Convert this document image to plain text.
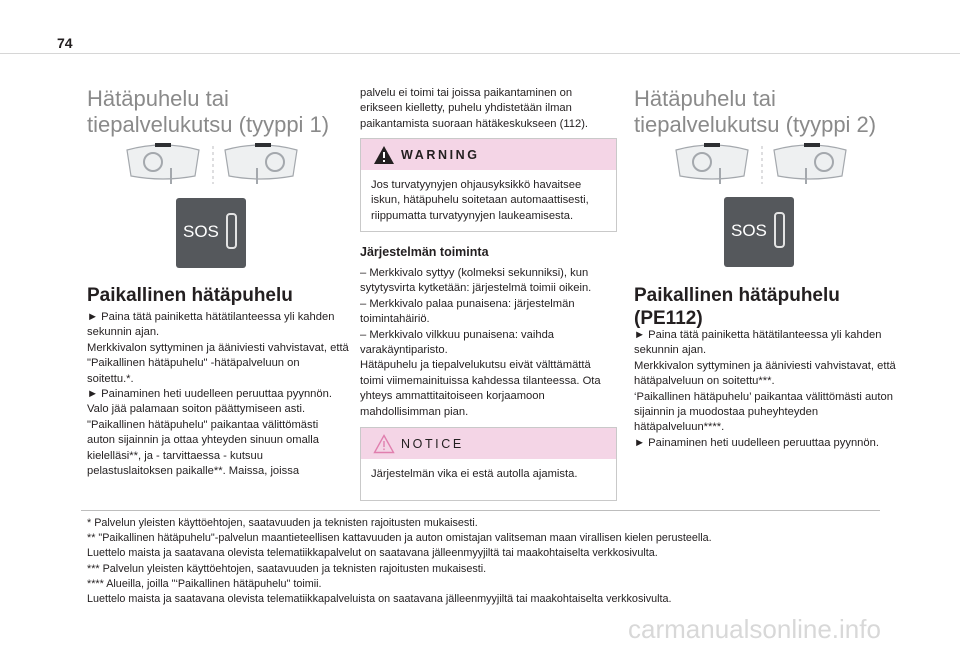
74
Hätäpuhelu tai
tiepalvelukutsu (tyyppi 1)
SOS
Paikallinen hätäpuhelu

► Paina tätä painiketta hätätilanteessa yli kahden sekunnin ajan.

Merkkivalon syttyminen ja ääniviesti vahvistavat, että "Paikallinen hätäpuhelu" -hätäpalveluun on soitettu.*.

► Painaminen heti uudelleen peruuttaa pyynnön.

Valo jää palamaan soiton päättymiseen asti.

"Paikallinen hätäpuhelu" paikantaa välittömästi auton sijainnin ja ottaa yhteyden sinuun omalla kielelläsi**, ja - tarvittaessa - kutsuu pelastuslaitoksen paikalle**. Maissa, joissa

palvelu ei toimi tai joissa paikantaminen on erikseen kielletty, puhelu yhdistetään ilman paikantamista suoraan hätäkeskukseen (112).
WARNING
Jos turvatyynyjen ohjausyksikkö havaitsee iskun, hätäpuhelu soitetaan automaattisesti, riippumatta turvatyynyjen laukeamisesta.
Järjestelmän toiminta

– Merkkivalo syttyy (kolmeksi sekunniksi), kun sytytysvirta kytketään: järjestelmä toimii oikein.

– Merkkivalo palaa punaisena: järjestelmän toimintahäiriö.

– Merkkivalo vilkkuu punaisena: vaihda varakäyntiparisto.

Hätäpuhelu ja tiepalvelukutsu eivät välttämättä toimi viimemainituissa kahdessa tilanteessa. Ota yhteys ammattitaitoiseen korjaamoon mahdollisimman pian.

NOTICE
Järjestelmän vika ei estä autolla ajamista.
Hätäpuhelu tai
tiepalvelukutsu (tyyppi 2)
SOS
Paikallinen hätäpuhelu
(PE112)

► Paina tätä painiketta hätätilanteessa yli kahden sekunnin ajan.

Merkkivalon syttyminen ja ääniviesti vahvistavat, että hätäpalveluun on soitettu***.

‘Paikallinen hätäpuhelu’ paikantaa välittömästi auton sijainnin ja muodostaa puheyhteyden hätäpalveluun****.

► Painaminen heti uudelleen peruuttaa pyynnön.

* Palvelun yleisten käyttöehtojen, saatavuuden ja teknisten rajoitusten mukaisesti.

** "Paikallinen hätäpuhelu"-palvelun maantieteellisen kattavuuden ja auton omistajan valitseman maan virallisen kielen perusteella.

Luettelo maista ja saatavana olevista telematiikkapalvelut on saatavana jälleenmyyjiltä tai maakohtaiselta verkkosivulta.

*** Palvelun yleisten käyttöehtojen, saatavuuden ja teknisten rajoitusten mukaisesti.

**** Alueilla, joilla "‘Paikallinen hätäpuhelu" toimii.

Luettelo maista ja saatavana olevista telematiikkapalveluista on saatavana jälleenmyyjiltä tai maakohtaiselta verkkosivulta.

carmanualsonline.info
